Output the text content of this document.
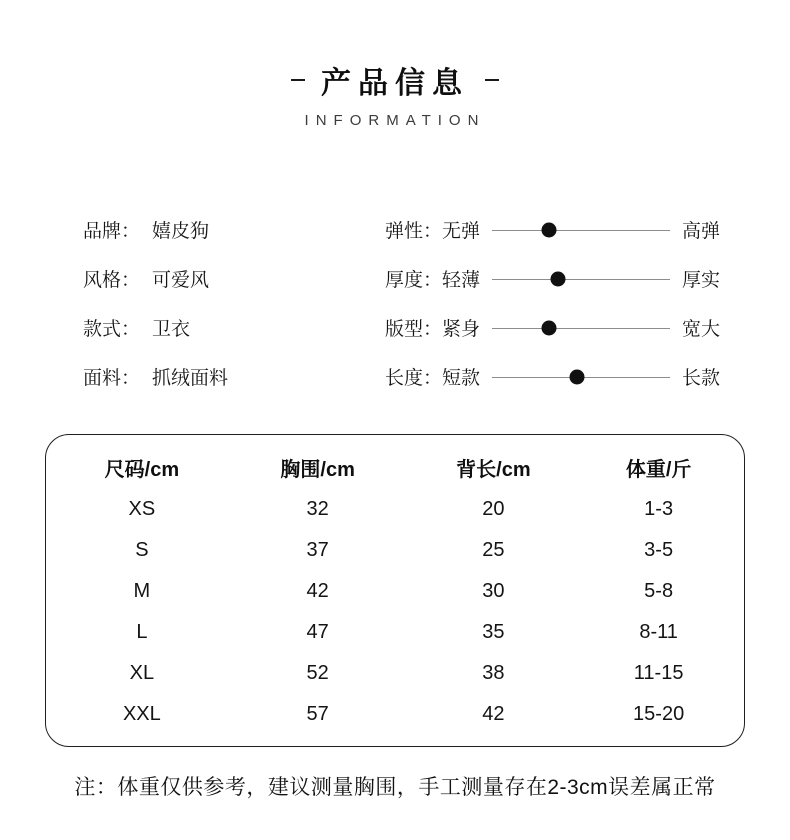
产品信息
INFORMATION
品牌： 嬉皮狗	弹性： 无弹	高弹
风格： 可爱风	厚度： 轻薄	厚实
款式： 卫衣	版型： 紧身	宽大
面料： 抓绒面料	长度： 短款	长款
尺码/cm	胸围/cm	背长/cm	体重/斤
XS	32	20	1-3
S	37	25	3-5
M	42	30	5-8
L	47	35	8-11
XL	52	38	11-15
XXL	57	42	15-20

注：体重仅供参考，建议测量胸围，手工测量存在2-3cm误差属正常
